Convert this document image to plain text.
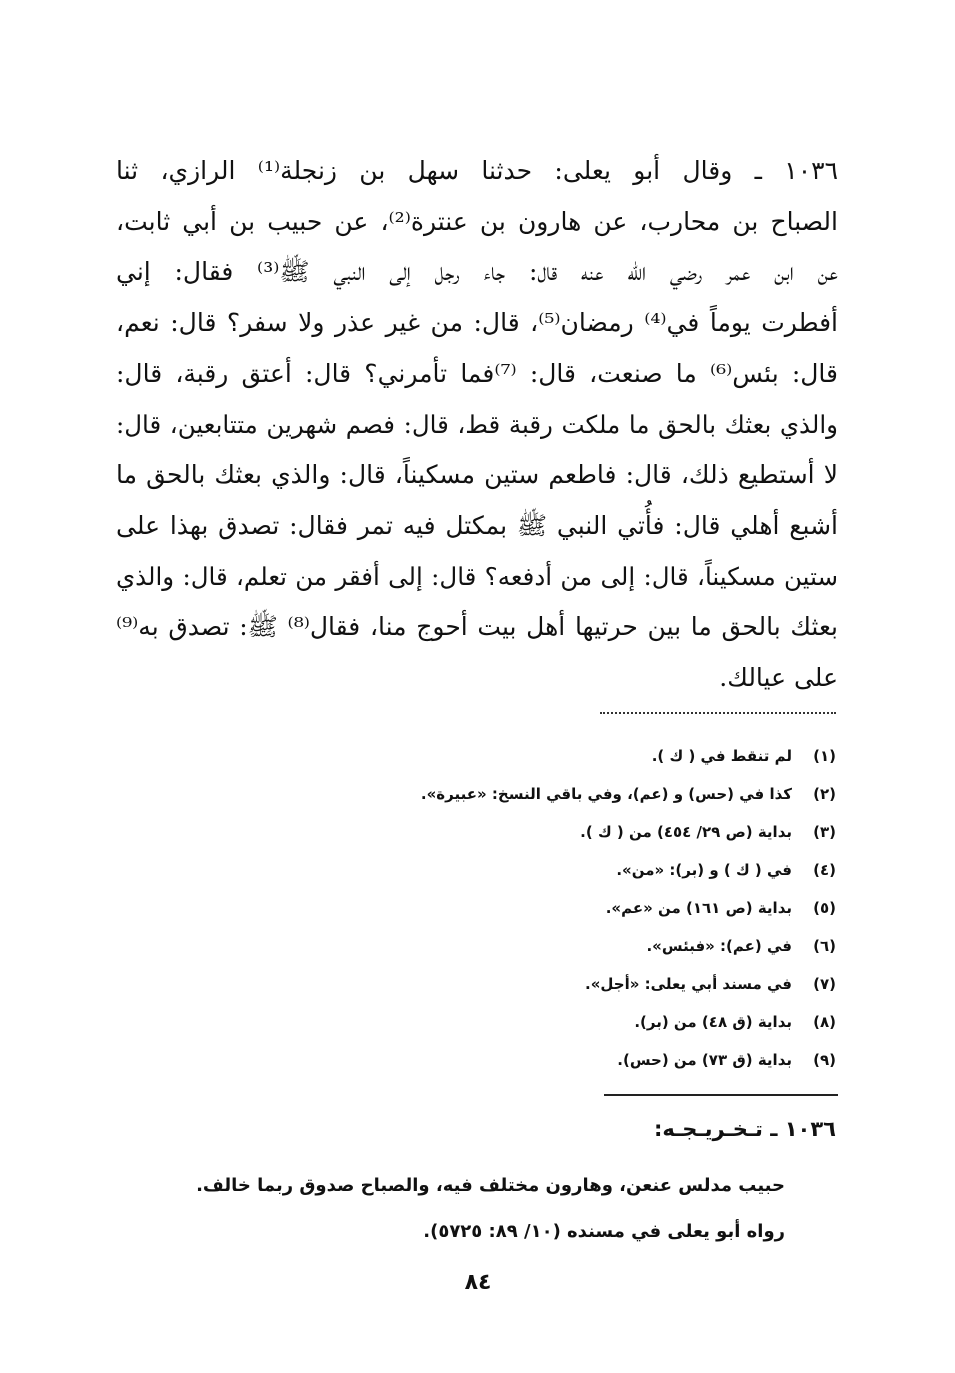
١٠٣٦ ـ وقال أبو يعلى: حدثنا سهل بن زنجلة⁽¹⁾ الرازي، ثنا
الصباح بن محارب، عن هارون بن عنترة⁽²⁾، عن حبيب بن أبي ثابت،
عن ابن عمر رضي الله عنه قال: جاء رجل إلى النبي ﷺ⁽³⁾ فقال: إني
أفطرت يوماً في⁽⁴⁾ رمضان⁽⁵⁾، قال: من غير عذر ولا سفر؟ قال: نعم،
قال: بئس⁽⁶⁾ ما صنعت، قال: ⁽⁷⁾فما تأمرني؟ قال: أعتق رقبة، قال:
والذي بعثك بالحق ما ملكت رقبة قط، قال: فصم شهرين متتابعين، قال:
لا أستطيع ذلك، قال: فاطعم ستين مسكيناً، قال: والذي بعثك بالحق ما
أشبع أهلي قال: فأُتي النبي ﷺ بمكتل فيه تمر فقال: تصدق بهذا على
ستين مسكيناً، قال: إلى من أدفعه؟ قال: إلى أفقر من تعلم، قال: والذي
بعثك بالحق ما بين حرتيها أهل بيت أحوج منا، فقال⁽⁸⁾ ﷺ: تصدق به⁽⁹⁾
على عيالك.
(١)لم تنقط في ( ك ).
(٢)كذا في (حس) و (عم)، وفي باقي النسخ: «عبيرة».
(٣)بداية (ص ٢٩/ ٤٥٤) من ( ك ).
(٤)في ( ك ) و (بر): «من».
(٥)بداية (ص ١٦١) من «عم».
(٦)في (عم): «فبئس».
(٧)في مسند أبي يعلى: «أجل».
(٨)بداية (ق ٤٨) من (بر).
(٩)بداية (ق ٧٣) من (حس).
١٠٣٦ ـ تـخـريـجـه:
حبيب مدلس عنعن، وهارون مختلف فيه، والصباح صدوق ربما خالف.
رواه أبو يعلى في مسنده (١٠/ ٨٩: ٥٧٢٥).
٨٤
